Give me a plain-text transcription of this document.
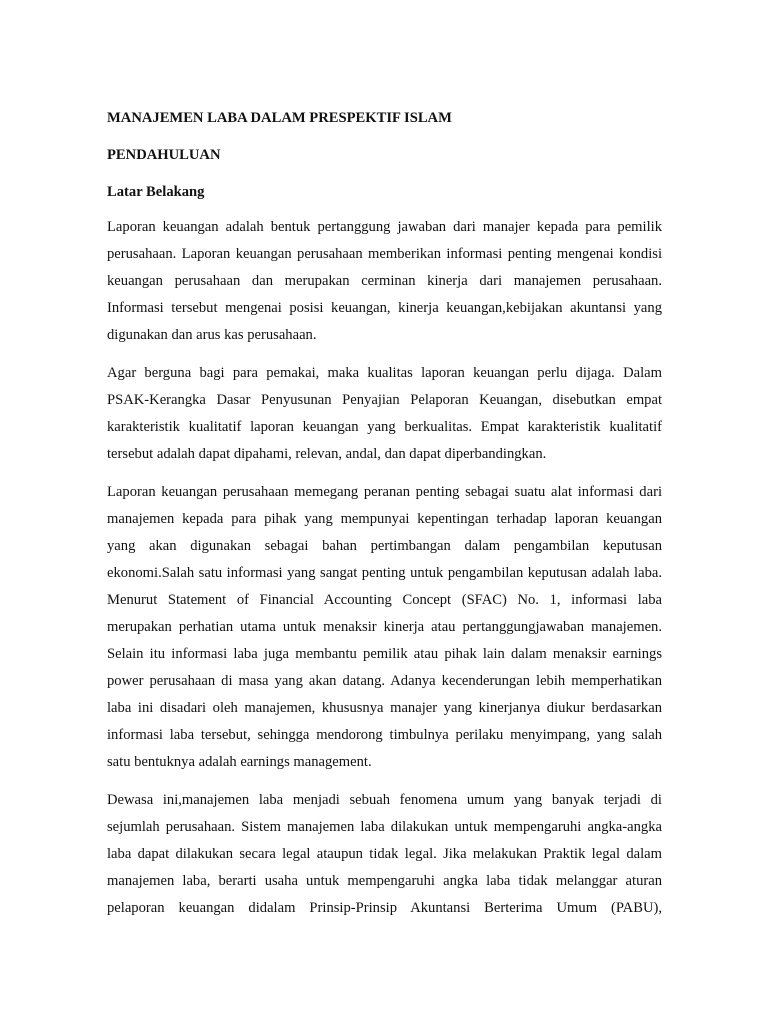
MANAJEMEN LABA DALAM PRESPEKTIF ISLAM
PENDAHULUAN
Latar Belakang
Laporan keuangan adalah bentuk pertanggung jawaban dari manajer kepada para pemilik
perusahaan. Laporan keuangan perusahaan memberikan informasi penting mengenai kondisi
keuangan perusahaan dan merupakan cerminan kinerja dari manajemen perusahaan.
Informasi tersebut mengenai posisi keuangan, kinerja keuangan,kebijakan akuntansi yang
digunakan dan arus kas perusahaan.
Agar berguna bagi para pemakai, maka kualitas laporan keuangan perlu dijaga. Dalam
PSAK-Kerangka Dasar Penyusunan Penyajian Pelaporan Keuangan, disebutkan empat
karakteristik kualitatif laporan keuangan yang berkualitas. Empat karakteristik kualitatif
tersebut adalah dapat dipahami, relevan, andal, dan dapat diperbandingkan.
Laporan keuangan perusahaan memegang peranan penting sebagai suatu alat informasi dari
manajemen kepada para pihak yang mempunyai kepentingan terhadap laporan keuangan
yang akan digunakan sebagai bahan pertimbangan dalam pengambilan keputusan
ekonomi.Salah satu informasi yang sangat penting untuk pengambilan keputusan adalah laba.
Menurut Statement of Financial Accounting Concept (SFAC) No. 1, informasi laba
merupakan perhatian utama untuk menaksir kinerja atau pertanggungjawaban manajemen.
Selain itu informasi laba juga membantu pemilik atau pihak lain dalam menaksir earnings
power perusahaan di masa yang akan datang. Adanya kecenderungan lebih memperhatikan
laba ini disadari oleh manajemen, khususnya manajer yang kinerjanya diukur berdasarkan
informasi laba tersebut, sehingga mendorong timbulnya perilaku menyimpang, yang salah
satu bentuknya adalah earnings management.
Dewasa ini,manajemen laba menjadi sebuah fenomena umum yang banyak terjadi di
sejumlah perusahaan. Sistem manajemen laba dilakukan untuk mempengaruhi angka-angka
laba dapat dilakukan secara legal ataupun tidak legal. Jika melakukan Praktik legal dalam
manajemen laba, berarti usaha untuk mempengaruhi angka laba tidak melanggar aturan
pelaporan keuangan didalam Prinsip-Prinsip Akuntansi Berterima Umum (PABU),
